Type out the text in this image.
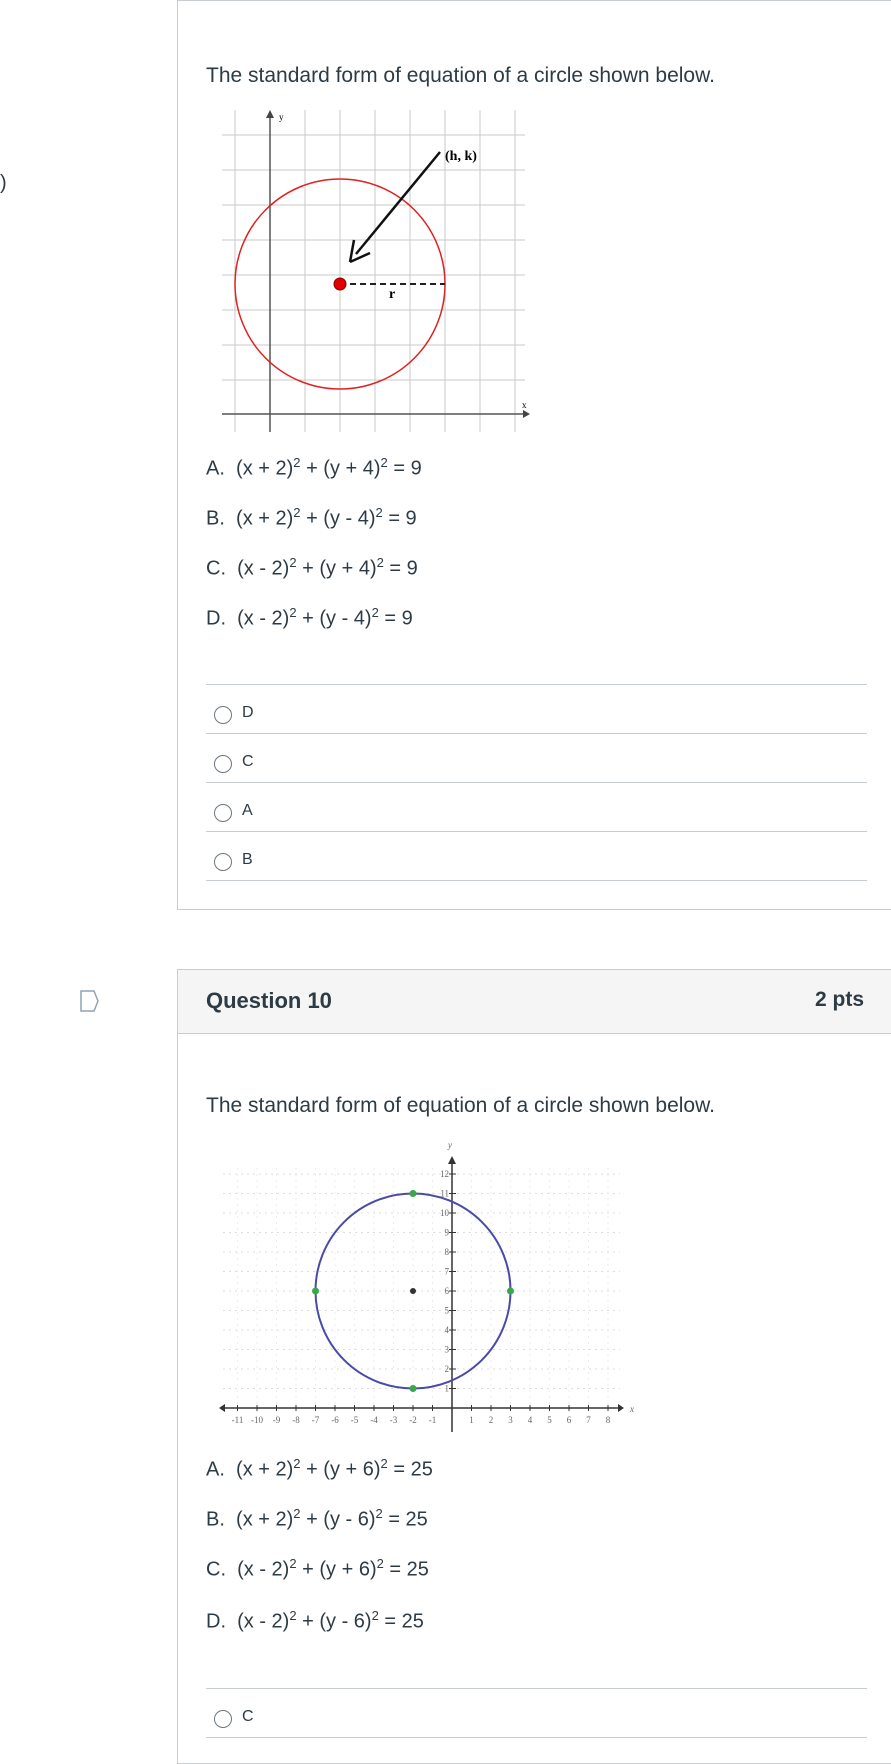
)
The standard form of equation of a circle shown below.
x
y
(h, k)
r
A. $(x + 2)^2 + (y + 4)^2 = 9$
B. $(x + 2)^2 + (y - 4)^2 = 9$
C. $(x - 2)^2 + (y + 4)^2 = 9$
D. (x - 2)$^2$ + (y - 4)$^2$ = 9
D
C
A
B
Question 10	2 pts
The standard form of equation of a circle shown below.
x
y
-11 -10 -9 -8 -7 -6 -5 -4 -3 -2 -1	1 2 3 4 5 6 7 8
1
2
3
4
5
6
7
8
9
10
11
12
A. $(x + 2)^2 + (y + 6)^2 = 25$
B. $(x + 2)^2 + (y - 6)^2 = 25$
C. $(x - 2)^2 + (y + 6)^2 = 25$
D. (x - 2)$^2$ + (y - 6)$^2$ = 25
C
